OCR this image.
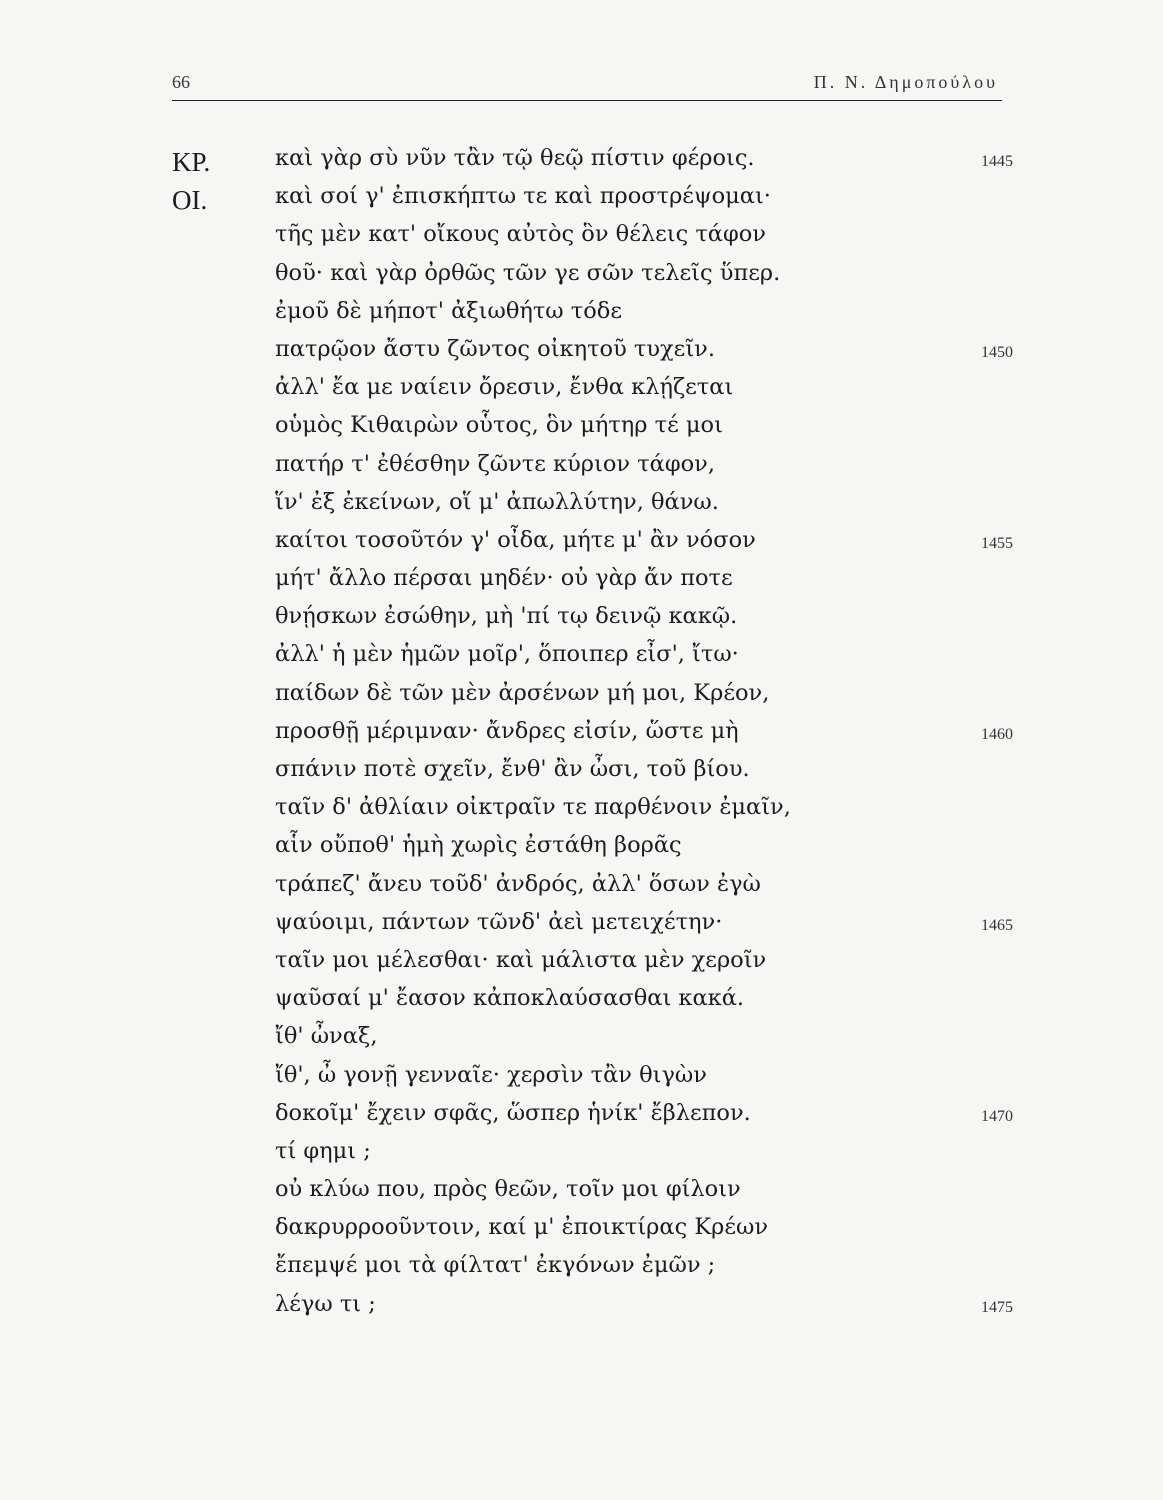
66	Π. Ν. Δημοπούλου
ΚΡ.	καὶ γὰρ σὺ νῦν τἂν τῷ θεῷ πίστιν φέροις.	1445
ΟΙ.	καὶ σοί γ' ἐπισκήπτω τε καὶ προστρέψομαι·
τῆς μὲν κατ' οἴκους αὐτὸς ὃν θέλεις τάφον
θοῦ· καὶ γὰρ ὀρθῶς τῶν γε σῶν τελεῖς ὕπερ.
ἐμοῦ δὲ μήποτ' ἀξιωθήτω τόδε
πατρῷον ἄστυ ζῶντος οἰκητοῦ τυχεῖν.	1450
ἀλλ' ἔα με ναίειν ὄρεσιν, ἔνθα κλῄζεται
οὑμὸς Κιθαιρὼν οὗτος, ὃν μήτηρ τέ μοι
πατήρ τ' ἐθέσθην ζῶντε κύριον τάφον,
ἵν' ἐξ ἐκείνων, οἵ μ' ἀπωλλύτην, θάνω.
καίτοι τοσοῦτόν γ' οἶδα, μήτε μ' ἂν νόσον	1455
μήτ' ἄλλο πέρσαι μηδέν· οὐ γὰρ ἄν ποτε
θνῄσκων ἐσώθην, μὴ 'πί τῳ δεινῷ κακῷ.
ἀλλ' ἡ μὲν ἡμῶν μοῖρ', ὅποιπερ εἶσ', ἴτω·
παίδων δὲ τῶν μὲν ἀρσένων μή μοι, Κρέον,
προσθῇ μέριμναν· ἄνδρες εἰσίν, ὥστε μὴ	1460
σπάνιν ποτὲ σχεῖν, ἔνθ' ἂν ὦσι, τοῦ βίου.
ταῖν δ' ἀθλίαιν οἰκτραῖν τε παρθένοιν ἐμαῖν,
αἷν οὔποθ' ἡμὴ χωρὶς ἐστάθη βορᾶς
τράπεζ' ἄνευ τοῦδ' ἀνδρός, ἀλλ' ὅσων ἐγὼ
ψαύοιμι, πάντων τῶνδ' ἀεὶ μετειχέτην·	1465
ταῖν μοι μέλεσθαι· καὶ μάλιστα μὲν χεροῖν
ψαῦσαί μ' ἔασον κἀποκλαύσασθαι κακά.
ἴθ' ὦναξ,
ἴθ', ὦ γονῇ γενναῖε· χερσὶν τἂν θιγὼν
δοκοῖμ' ἔχειν σφᾶς, ὥσπερ ἡνίκ' ἔβλεπον.	1470
τί φημι ;
οὐ κλύω που, πρὸς θεῶν, τοῖν μοι φίλοιν
δακρυρροοῦντοιν, καί μ' ἐποικτίρας Κρέων
ἔπεμψέ μοι τὰ φίλτατ' ἐκγόνων ἐμῶν ;
λέγω τι ;	1475
